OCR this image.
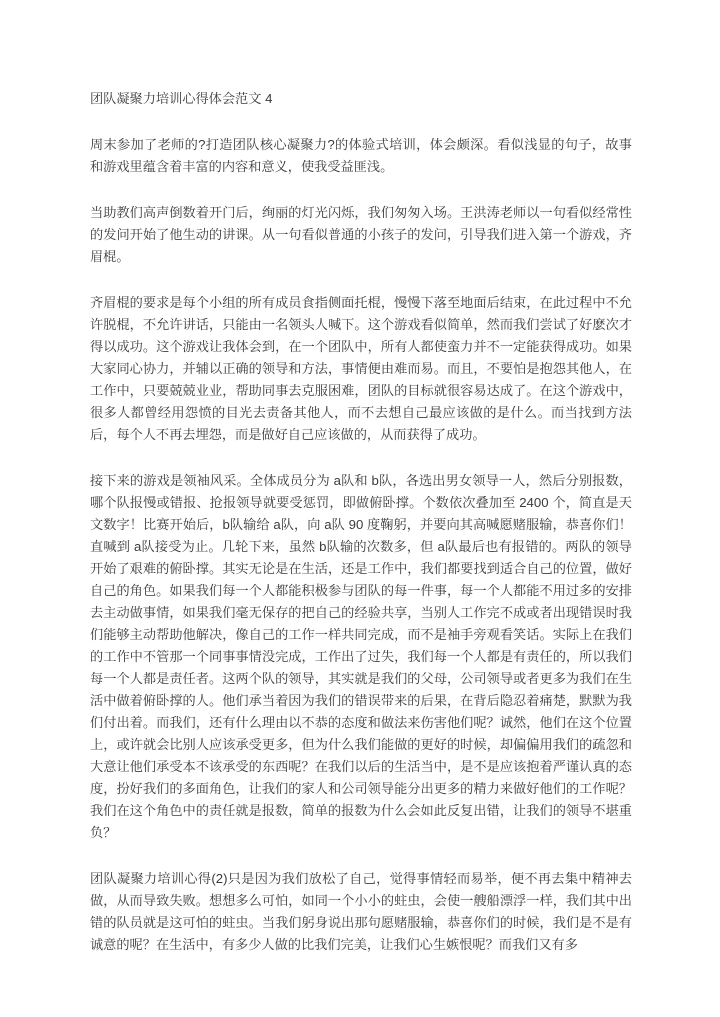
团队凝聚力培训心得体会范文 4

周末参加了老师的?打造团队核心凝聚力?的体验式培训，体会颇深。看似浅显的句子，故事和游戏里蕴含着丰富的内容和意义，使我受益匪浅。

当助教们高声倒数着开门后，绚丽的灯光闪烁，我们匆匆入场。王洪涛老师以一句看似经常性的发问开始了他生动的讲课。从一句看似普通的小孩子的发问，引导我们进入第一个游戏，齐眉棍。

齐眉棍的要求是每个小组的所有成员食指侧面托棍，慢慢下落至地面后结束，在此过程中不允许脱棍，不允许讲话，只能由一名领头人喊下。这个游戏看似简单，然而我们尝试了好麽次才得以成功。这个游戏让我体会到，在一个团队中，所有人都使蛮力并不一定能获得成功。如果大家同心协力，并辅以正确的领导和方法，事情便由难而易。而且，不要怕是抱怨其他人，在工作中，只要兢兢业业，帮助同事去克服困难，团队的目标就很容易达成了。在这个游戏中，很多人都曾经用怨愤的目光去责备其他人，而不去想自己最应该做的是什么。而当找到方法后，每个人不再去埋怨，而是做好自己应该做的，从而获得了成功。

接下来的游戏是领袖风采。全体成员分为 a队和 b队，各选出男女领导一人，然后分别报数，哪个队报慢或错报、抢报领导就要受惩罚，即做俯卧撑。个数依次叠加至 2400 个，简直是天文数字！比赛开始后，b队输给 a队，向 a队 90 度鞠躬，并要向其高喊愿赌服输，恭喜你们！直喊到 a队接受为止。几轮下来，虽然 b队输的次数多，但 a队最后也有报错的。两队的领导开始了艰难的俯卧撑。其实无论是在生活，还是工作中，我们都要找到适合自己的位置，做好自己的角色。如果我们每一个人都能积极参与团队的每一件事，每一个人都能不用过多的安排去主动做事情，如果我们毫无保存的把自己的经验共享，当别人工作完不成或者出现错误时我们能够主动帮助他解决，像自己的工作一样共同完成，而不是袖手旁观看笑话。实际上在我们的工作中不管那一个同事事情没完成，工作出了过失，我们每一个人都是有责任的，所以我们每一个人都是责任者。这两个队的领导，其实就是我们的父母，公司领导或者更多为我们在生活中做着俯卧撑的人。他们承当着因为我们的错误带来的后果，在背后隐忍着痛楚，默默为我们付出着。而我们，还有什么理由以不恭的态度和做法来伤害他们呢？诚然，他们在这个位置上，或许就会比别人应该承受更多，但为什么我们能做的更好的时候，却偏偏用我们的疏忽和大意让他们承受本不该承受的东西呢？在我们以后的生活当中，是不是应该抱着严谨认真的态度，扮好我们的多面角色，让我们的家人和公司领导能分出更多的精力来做好他们的工作呢？我们在这个角色中的责任就是报数，简单的报数为什么会如此反复出错，让我们的领导不堪重负？

团队凝聚力培训心得(2)只是因为我们放松了自己，觉得事情轻而易举，便不再去集中精神去做，从而导致失败。想想多么可怕，如同一个小小的蛀虫，会使一艘船漂浮一样，我们其中出错的队员就是这可怕的蛀虫。当我们躬身说出那句愿赌服输，恭喜你们的时候，我们是不是有诚意的呢？在生活中，有多少人做的比我们完美，让我们心生嫉恨呢？而我们又有多
